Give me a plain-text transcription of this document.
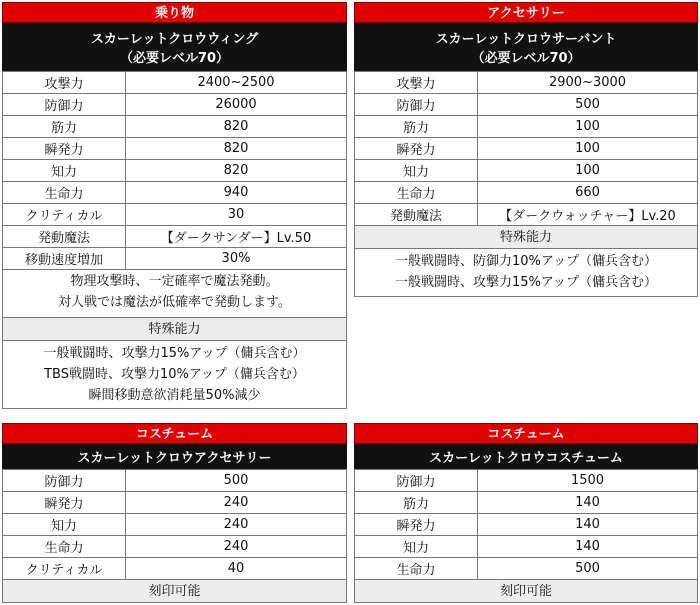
乗り物
スカーレットクロウウィング
（必要レベル70）
攻撃力	2400~2500
防御力	26000
筋力	820
瞬発力	820
知力	820
生命力	940
クリティカル	30
発動魔法	【ダークサンダー】Lv.50
移動速度増加	30%
物理攻撃時、一定確率で魔法発動。
対人戦では魔法が低確率で発動します。
特殊能力
一般戦闘時、攻撃力15%アップ（傭兵含む）
TBS戦闘時、攻撃力10%アップ（傭兵含む）
瞬間移動意欲消耗量50%減少
アクセサリー
スカーレットクロウサーバント
（必要レベル70）
攻撃力	2900~3000
防御力	500
筋力	100
瞬発力	100
知力	100
生命力	660
発動魔法	【ダークウォッチャー】Lv.20
特殊能力
一般戦闘時、防御力10%アップ（傭兵含む）
一般戦闘時、攻撃力15%アップ（傭兵含む）
コスチューム
スカーレットクロウアクセサリー
防御力	500
瞬発力	240
知力	240
生命力	240
クリティカル	40
刻印可能
コスチューム
スカーレットクロウコスチューム
防御力	1500
筋力	140
瞬発力	140
知力	140
生命力	500
刻印可能
